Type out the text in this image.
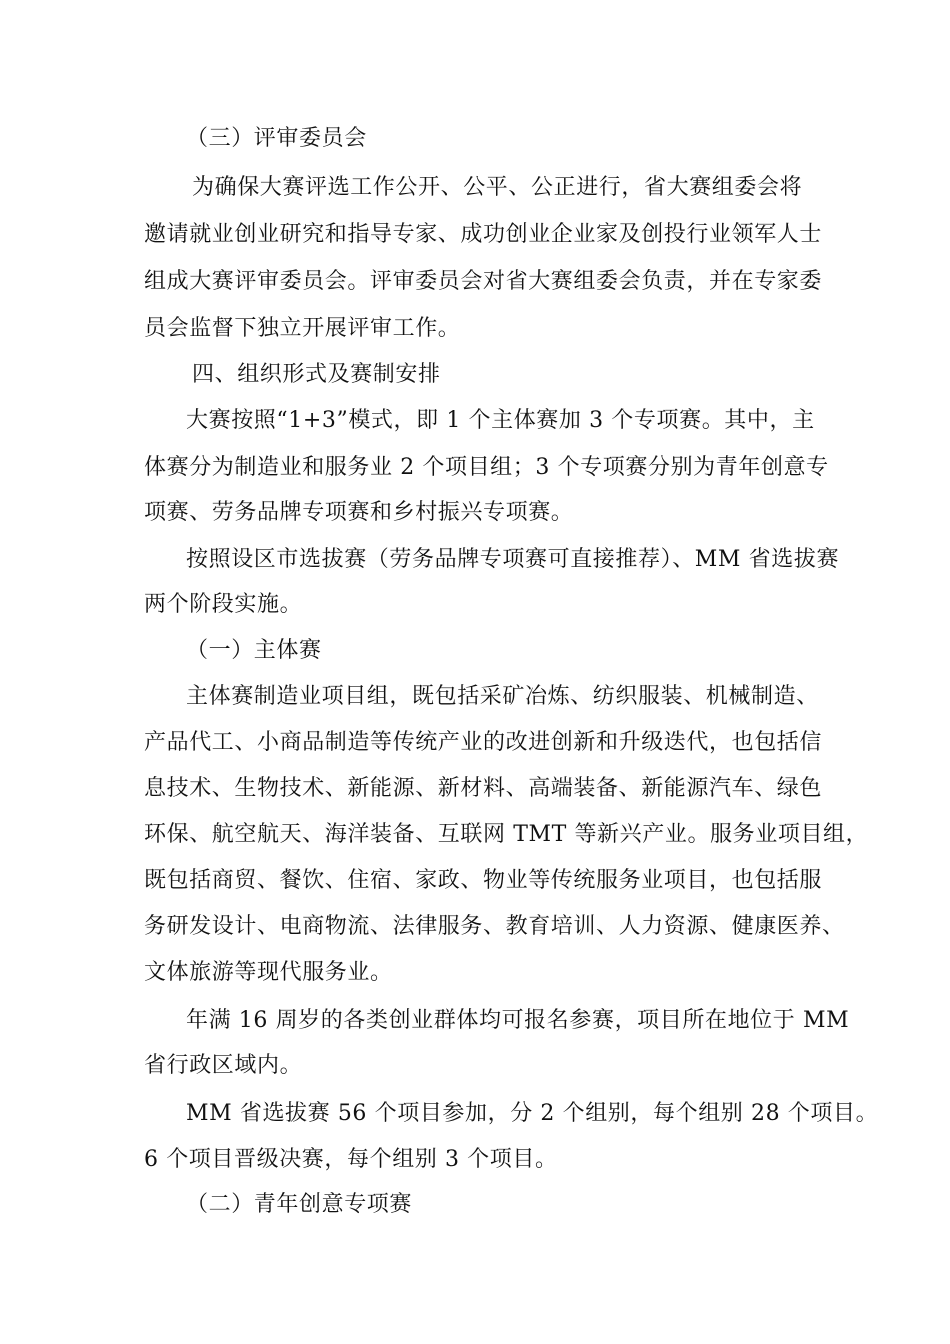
（三）评审委员会
为确保大赛评选工作公开、公平、公正进行，省大赛组委会将
邀请就业创业研究和指导专家、成功创业企业家及创投行业领军人士
组成大赛评审委员会。评审委员会对省大赛组委会负责，并在专家委
员会监督下独立开展评审工作。
四、组织形式及赛制安排
大赛按照“1+3”模式，即 1 个主体赛加 3 个专项赛。其中，主
体赛分为制造业和服务业 2 个项目组；3 个专项赛分别为青年创意专
项赛、劳务品牌专项赛和乡村振兴专项赛。
按照设区市选拔赛（劳务品牌专项赛可直接推荐）、MM 省选拔赛
两个阶段实施。
（一）主体赛
主体赛制造业项目组，既包括采矿冶炼、纺织服装、机械制造、
产品代工、小商品制造等传统产业的改进创新和升级迭代，也包括信
息技术、生物技术、新能源、新材料、高端装备、新能源汽车、绿色
环保、航空航天、海洋装备、互联网 TMT 等新兴产业。服务业项目组，
既包括商贸、餐饮、住宿、家政、物业等传统服务业项目，也包括服
务研发设计、电商物流、法律服务、教育培训、人力资源、健康医养、
文体旅游等现代服务业。
年满 16 周岁的各类创业群体均可报名参赛，项目所在地位于 MM
省行政区域内。
MM 省选拔赛 56 个项目参加，分 2 个组别，每个组别 28 个项目。
6 个项目晋级决赛，每个组别 3 个项目。
（二）青年创意专项赛
